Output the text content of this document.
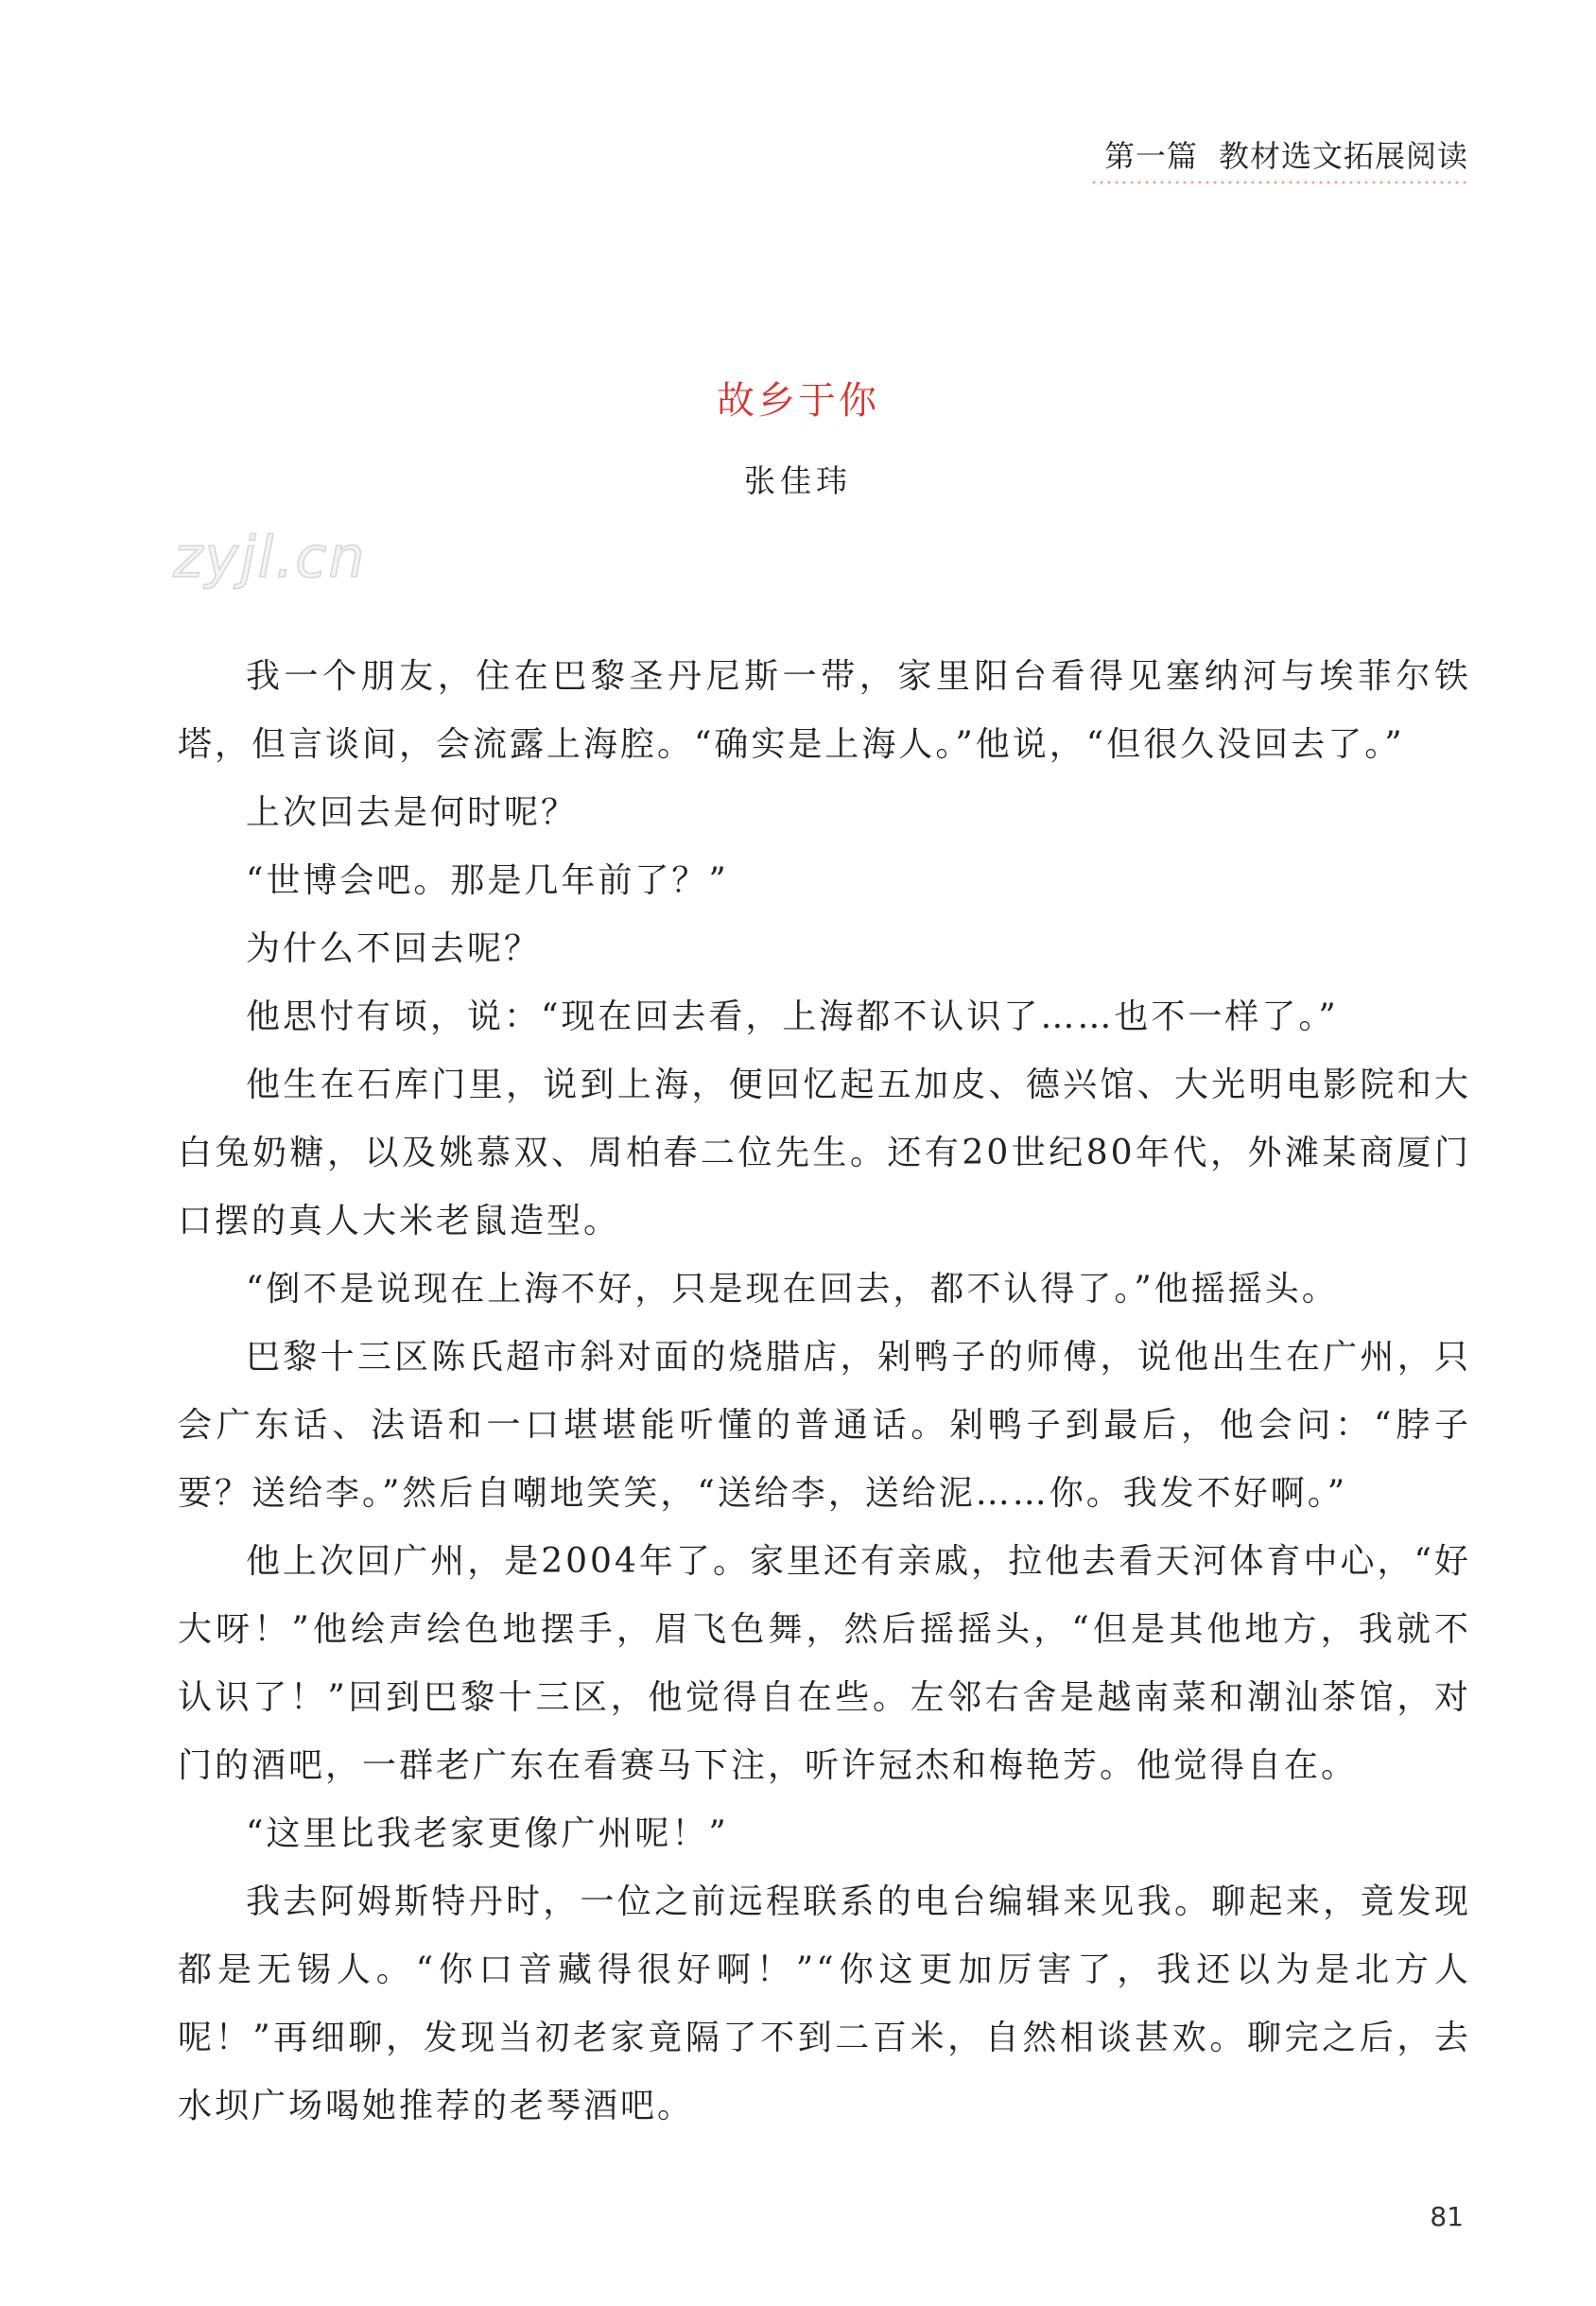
第一篇 教材选文拓展阅读
故乡于你
张佳玮
zyjl.cn

我一个朋友，住在巴黎圣丹尼斯一带，家里阳台看得见塞纳河与埃菲尔铁塔，但言谈间，会流露上海腔。“确实是上海人。”他说，“但很久没回去了。”

上次回去是何时呢？

“世博会吧。那是几年前了？”

为什么不回去呢？

他思忖有顷，说：“现在回去看，上海都不认识了……也不一样了。”

他生在石库门里，说到上海，便回忆起五加皮、德兴馆、大光明电影院和大白兔奶糖，以及姚慕双、周柏春二位先生。还有20世纪80年代，外滩某商厦门口摆的真人大米老鼠造型。

“倒不是说现在上海不好，只是现在回去，都不认得了。”他摇摇头。

巴黎十三区陈氏超市斜对面的烧腊店，剁鸭子的师傅，说他出生在广州，只会广东话、法语和一口堪堪能听懂的普通话。剁鸭子到最后，他会问：“脖子要？送给李。”然后自嘲地笑笑，“送给李，送给泥……你。我发不好啊。”

他上次回广州，是2004年了。家里还有亲戚，拉他去看天河体育中心，“好大呀！”他绘声绘色地摆手，眉飞色舞，然后摇摇头，“但是其他地方，我就不认识了！”回到巴黎十三区，他觉得自在些。左邻右舍是越南菜和潮汕茶馆，对门的酒吧，一群老广东在看赛马下注，听许冠杰和梅艳芳。他觉得自在。

“这里比我老家更像广州呢！”

我去阿姆斯特丹时，一位之前远程联系的电台编辑来见我。聊起来，竟发现都是无锡人。“你口音藏得很好啊！”“你这更加厉害了，我还以为是北方人呢！”再细聊，发现当初老家竟隔了不到二百米，自然相谈甚欢。聊完之后，去水坝广场喝她推荐的老琴酒吧。

81
